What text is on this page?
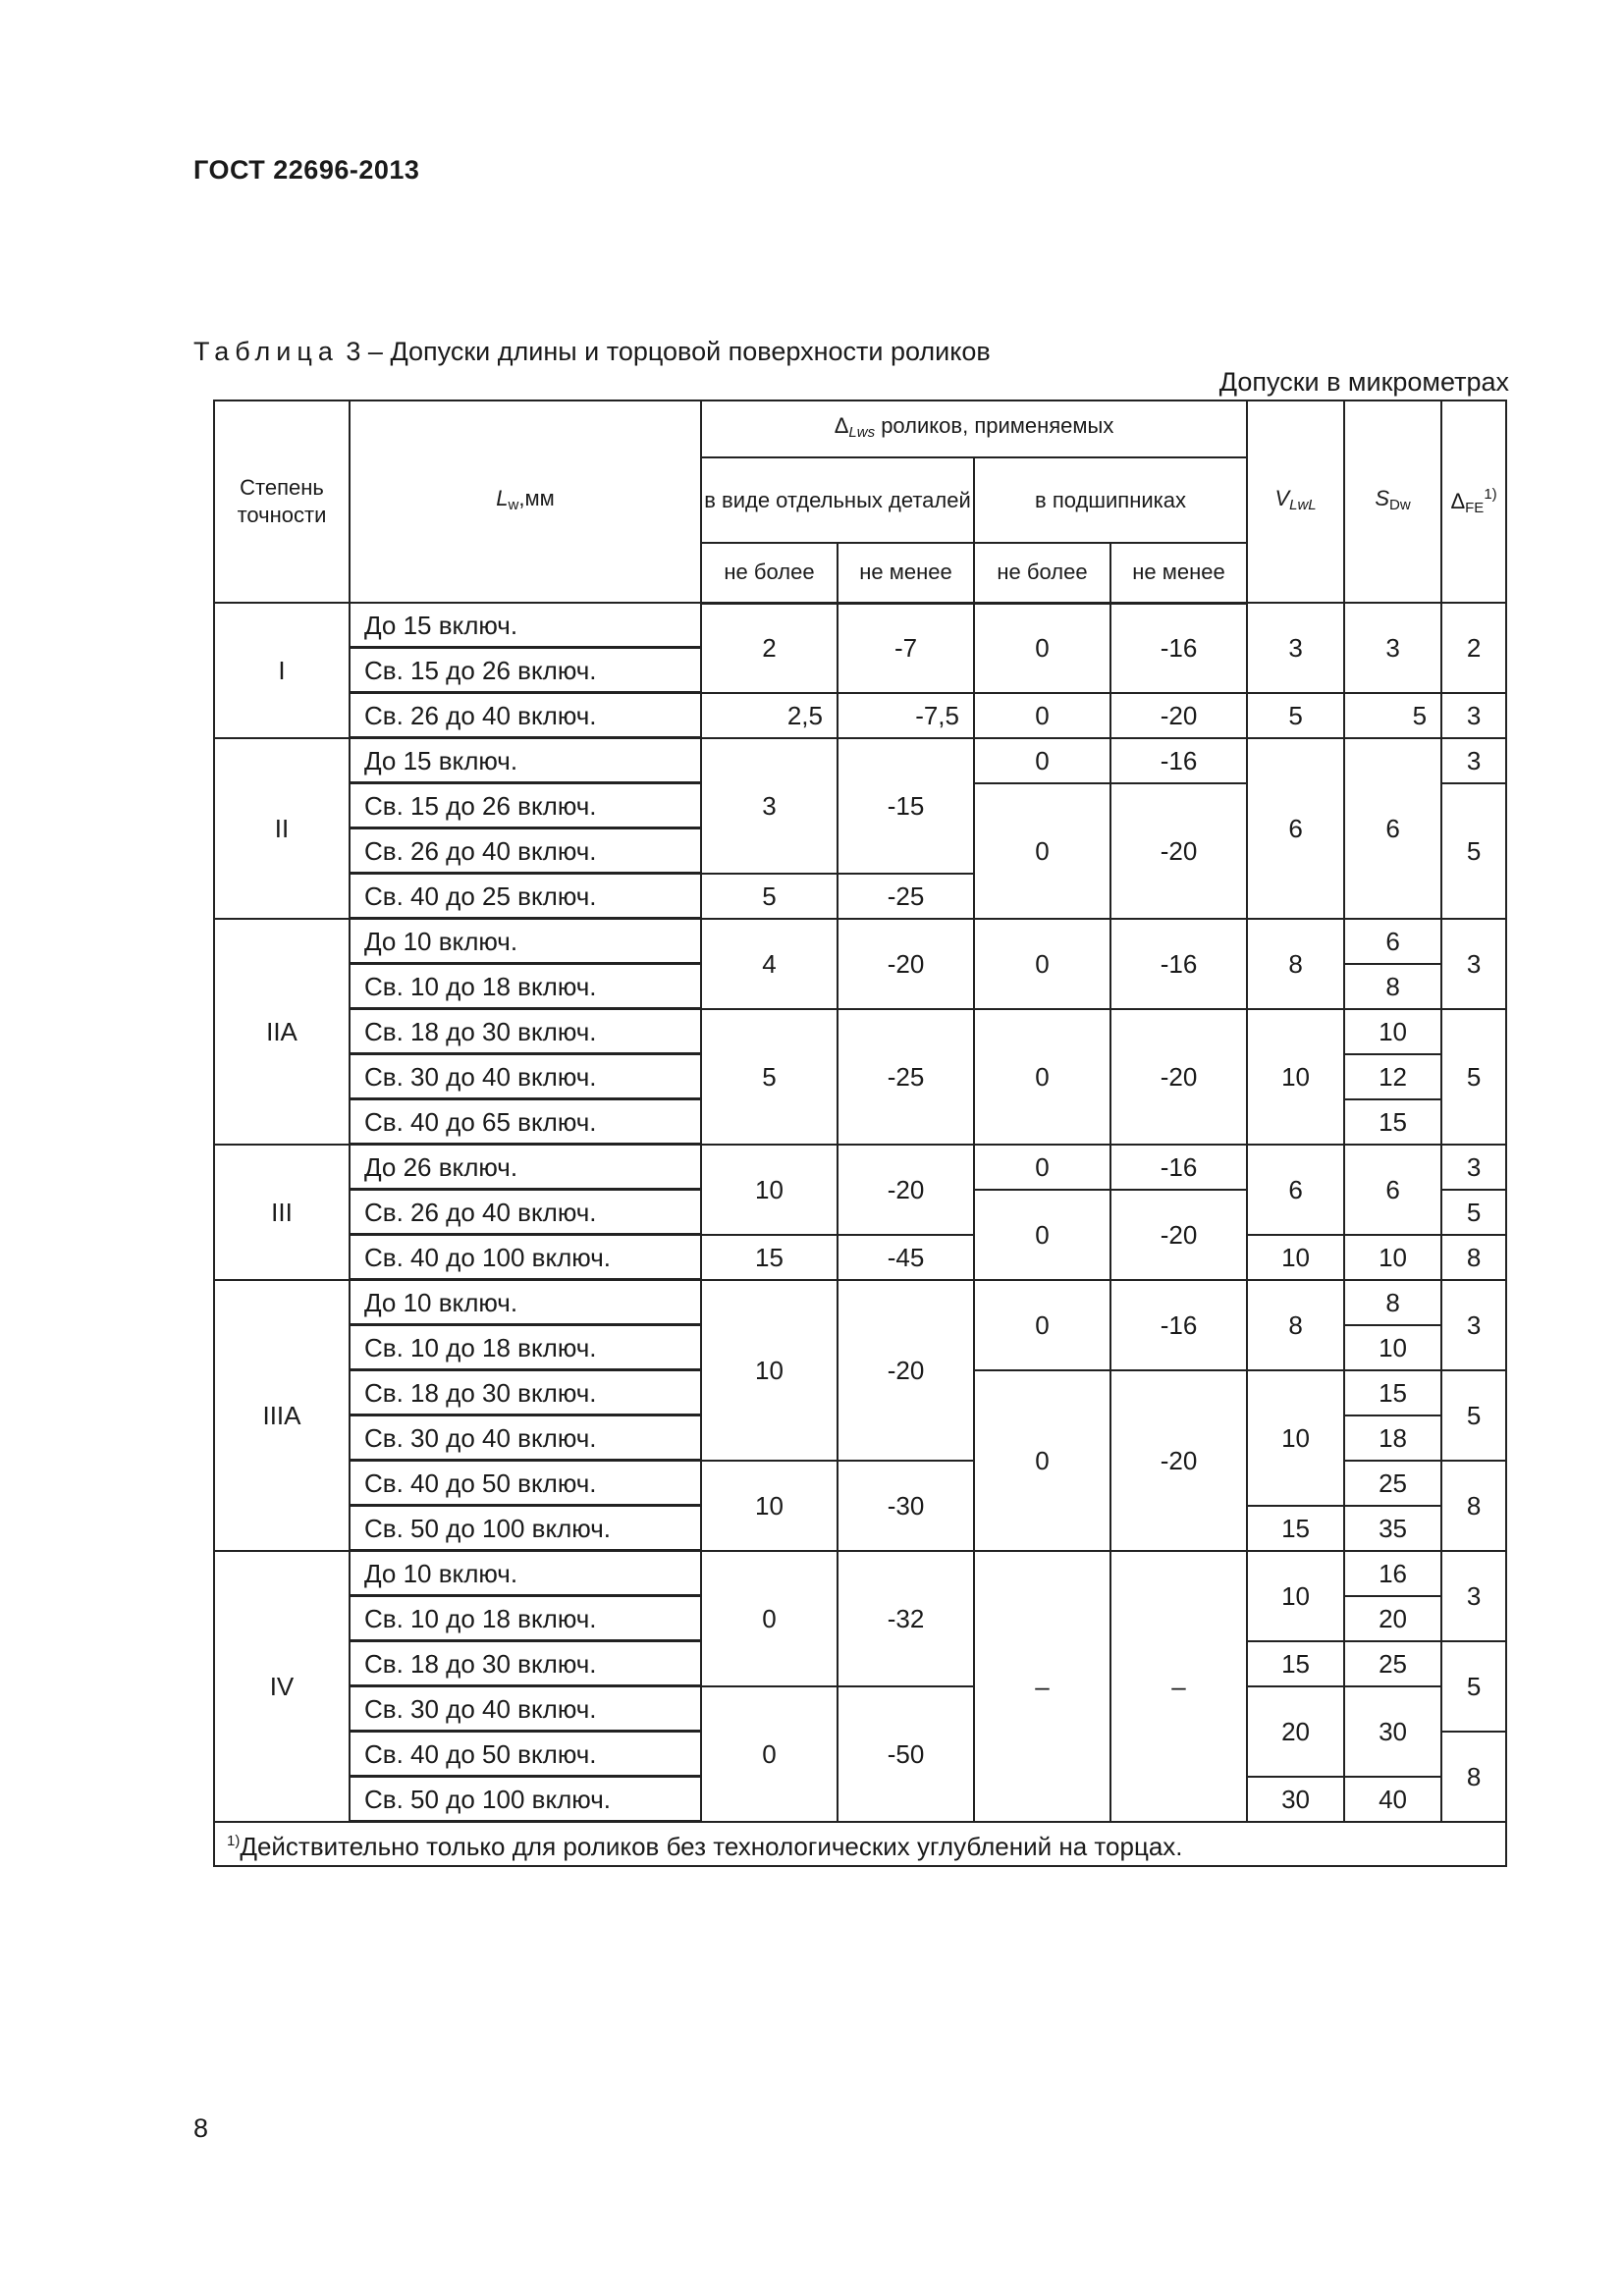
ГОСТ 22696-2013
Таблица 3 – Допуски длины и торцовой поверхности роликов
Допуски в микрометрах
Степень точности	$L_w,мм$	$\Delta_{Lws}$ роликов, применяемых				$V_{LwL}$	$S_{Dw}$	$\Delta_{FE}^{1)}$
		в виде отдельных деталей		в подшипниках				
		не более	не менее	не более	не менее			
I	До 15 включ.	2	-7	0	-16	3	3	2
	Св. 15 до 26 включ.							
	Св. 26 до 40 включ.	2,5	-7,5	0	-20	5	5	3
II	До 15 включ.	3	-15	0	-16	6	6	3
	Св. 15 до 26 включ.			0	-20			5
	Св. 26 до 40 включ.							
	Св. 40 до 25 включ.	5	-25					
IIА	До 10 включ.	4	-20	0	-16	8	6	3
	Св. 10 до 18 включ.						8	
	Св. 18 до 30 включ.	5	-25	0	-20	10	10	5
	Св. 30 до 40 включ.						12	
	Св. 40 до 65 включ.						15	
III	До 26 включ.	10	-20	0	-16	6	6	3
	Св. 26 до 40 включ.			0	-20			5
	Св. 40 до 100 включ.	15	-45			10	10	8
IIIА	До 10 включ.	10	-20	0	-16	8	8	3
	Св. 10 до 18 включ.						10	
	Св. 18 до 30 включ.			0	-20	10	15	5
	Св. 30 до 40 включ.						18	
	Св. 40 до 50 включ.	10	-30				25	8
	Св. 50 до 100 включ.					15	35	
IV	До 10 включ.	0	-32	–	–	10	16	3
	Св. 10 до 18 включ.						20	
	Св. 18 до 30 включ.					15	25	5
	Св. 30 до 40 включ.	0	-50			20	30	
	Св. 40 до 50 включ.							8
	Св. 50 до 100 включ.					30	40	
$^{1)}$Действительно только для роликов без технологических углублений на торцах.								
8
